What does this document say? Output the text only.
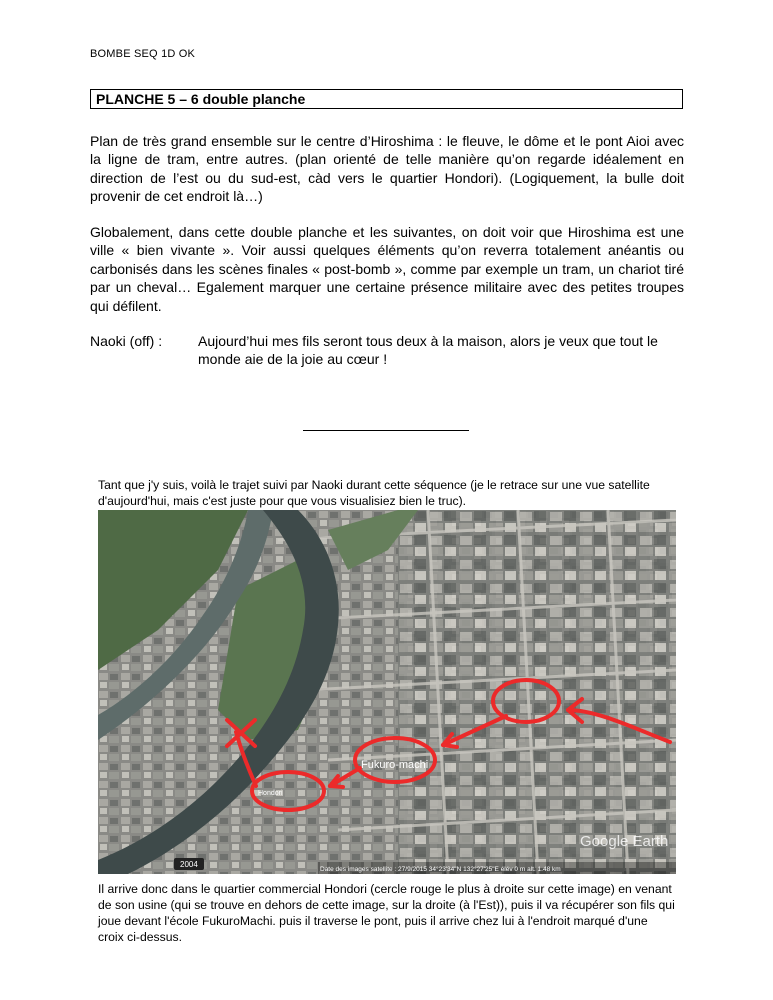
BOMBE SEQ 1D OK
PLANCHE 5 – 6 double planche

Plan de très grand ensemble sur le centre d’Hiroshima : le fleuve, le dôme et le pont Aioi avec la ligne de tram, entre autres. (plan orienté de telle manière qu’on regarde idéalement en direction de l’est ou du sud-est, càd vers le quartier Hondori). (Logiquement, la bulle doit provenir de cet endroit là…)

Globalement, dans cette double planche et les suivantes, on doit voir que Hiroshima est une ville « bien vivante ». Voir aussi quelques éléments qu’on reverra totalement anéantis ou carbonisés dans les scènes finales « post-bomb », comme par exemple un tram, un chariot tiré par un cheval… Egalement marquer une certaine présence militaire avec des petites troupes qui défilent.

Naoki (off) :	Aujourd’hui mes fils seront tous deux à la maison, alors je veux que tout le monde aie de la joie au cœur !

Tant que j'y suis, voilà le trajet suivi par Naoki durant cette séquence (je le retrace sur une vue satellite d'aujourd'hui, mais c'est juste pour que vous visualisiez bien le truc).

Fukuro-machi
Hondori
Google Earth
2004
Date des images satellite : 27/9/2015 34°23'34"N 132°27'25"E élév 0 m alt. 1.48 km

Il arrive donc dans le quartier commercial Hondori (cercle rouge le plus à droite sur cette image) en venant de son usine (qui se trouve en dehors de cette image, sur la droite (à l'Est)), puis il va récupérer son fils qui joue devant l'école FukuroMachi. puis il traverse le pont, puis il arrive chez lui à l'endroit marqué d'une croix ci-dessus.
